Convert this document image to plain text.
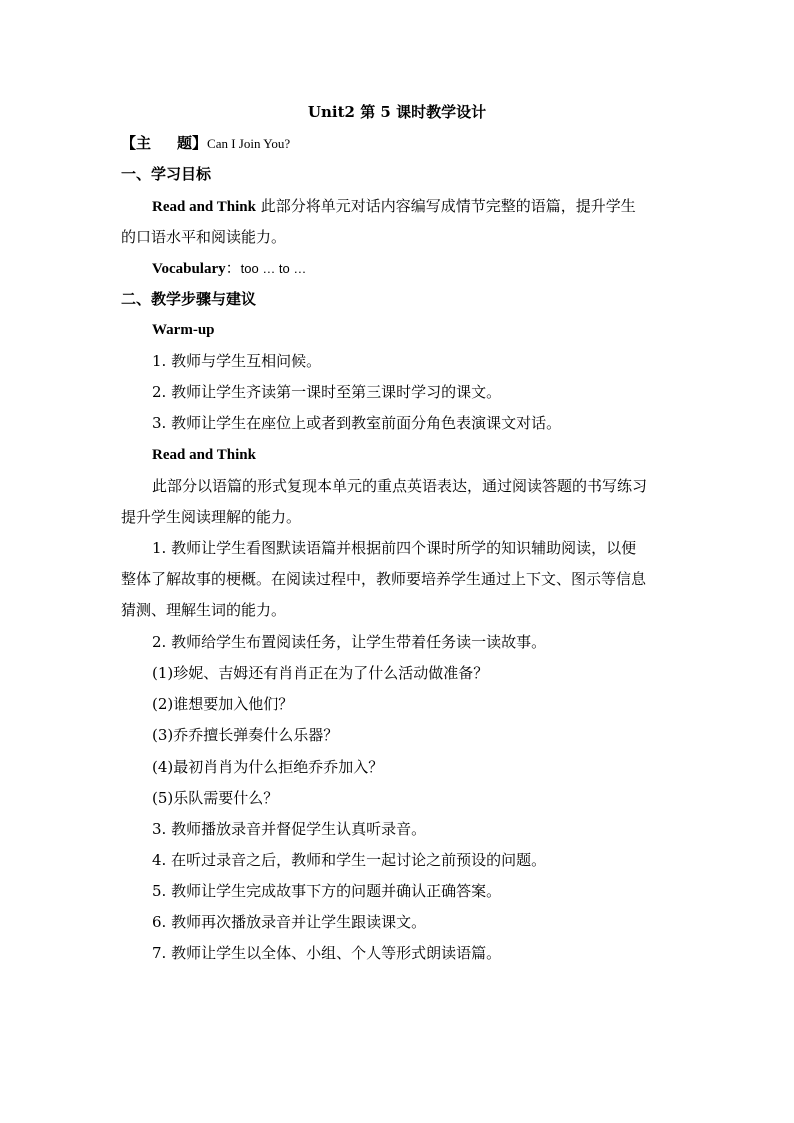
Unit2 第 5 课时教学设计
【主 题】Can I Join You?
一、学习目标
Read and Think 此部分将单元对话内容编写成情节完整的语篇，提升学生
的口语水平和阅读能力。
Vocabulary：too … to …
二、教学步骤与建议
Warm-up
1. 教师与学生互相问候。
2. 教师让学生齐读第一课时至第三课时学习的课文。
3. 教师让学生在座位上或者到教室前面分角色表演课文对话。
Read and Think
此部分以语篇的形式复现本单元的重点英语表达，通过阅读答题的书写练习
提升学生阅读理解的能力。
1. 教师让学生看图默读语篇并根据前四个课时所学的知识辅助阅读，以便
整体了解故事的梗概。在阅读过程中，教师要培养学生通过上下文、图示等信息
猜测、理解生词的能力。
2. 教师给学生布置阅读任务，让学生带着任务读一读故事。
(1)珍妮、吉姆还有肖肖正在为了什么活动做准备？
(2)谁想要加入他们？
(3)乔乔擅长弹奏什么乐器？
(4)最初肖肖为什么拒绝乔乔加入？
(5)乐队需要什么？
3. 教师播放录音并督促学生认真听录音。
4. 在听过录音之后，教师和学生一起讨论之前预设的问题。
5. 教师让学生完成故事下方的问题并确认正确答案。
6. 教师再次播放录音并让学生跟读课文。
7. 教师让学生以全体、小组、个人等形式朗读语篇。
